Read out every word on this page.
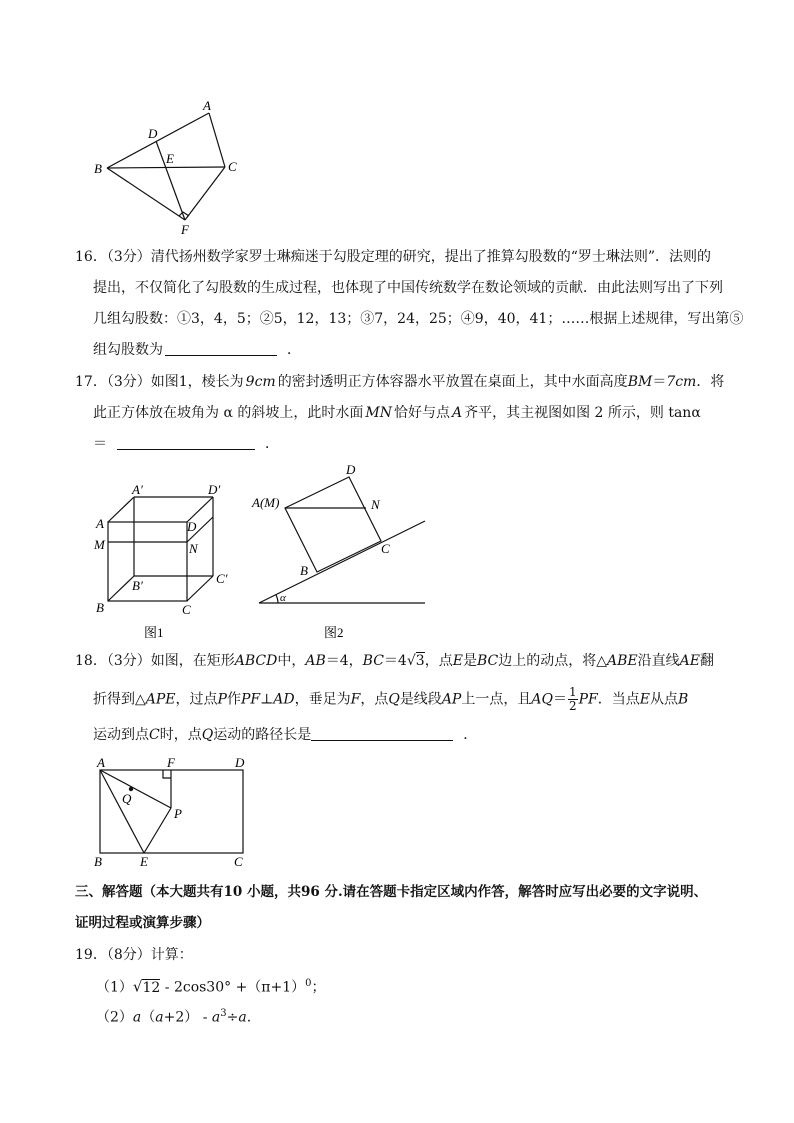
A
D
B
E
C
F
16．（3分）清代扬州数学家罗士琳痴迷于勾股定理的研究，提出了推算勾股数的“罗士琳法则”．法则的
提出，不仅简化了勾股数的生成过程，也体现了中国传统数学在数论领域的贡献．由此法则写出了下列
几组勾股数：①3，4，5；②5，12，13；③7，24，25；④9，40，41；……根据上述规律，写出第⑤
组勾股数为	．
17．（3分）如图1，棱长为 9cm 的密封透明正方体容器水平放置在桌面上，其中水面高度BM＝7cm．将
此正方体放在坡角为 α 的斜坡上，此时水面 MN 恰好与点 A 齐平，其主视图如图 2 所示，则 tanα
＝	．
A′	D′
A	D
M	N
B′	C′
B	C
图1
D
A(M)	N
C
B
α
图2
18．（3分）如图，在矩形ABCD中，AB＝4，BC＝4√3，点E是BC边上的动点，将△ABE沿直线AE翻
折得到△APE，过点P作PF⊥AD，垂足为F，点Q是线段AP上一点，且$AQ= \frac{1}{2}$ PF．当点E从点B
运动到点C时，点Q运动的路径长是	．
A	F	D
Q
P
B	E	C
三、解答题（本大题共有10 小题，共96 分.请在答题卡指定区域内作答，解答时应写出必要的文字说明、
证明过程或演算步骤）
19．（8分）计算：
$(1)√12 - 2\cos 30^\circ +(\pi+1)^0$；
$(2)a(a+2) - a^3\div a$.
